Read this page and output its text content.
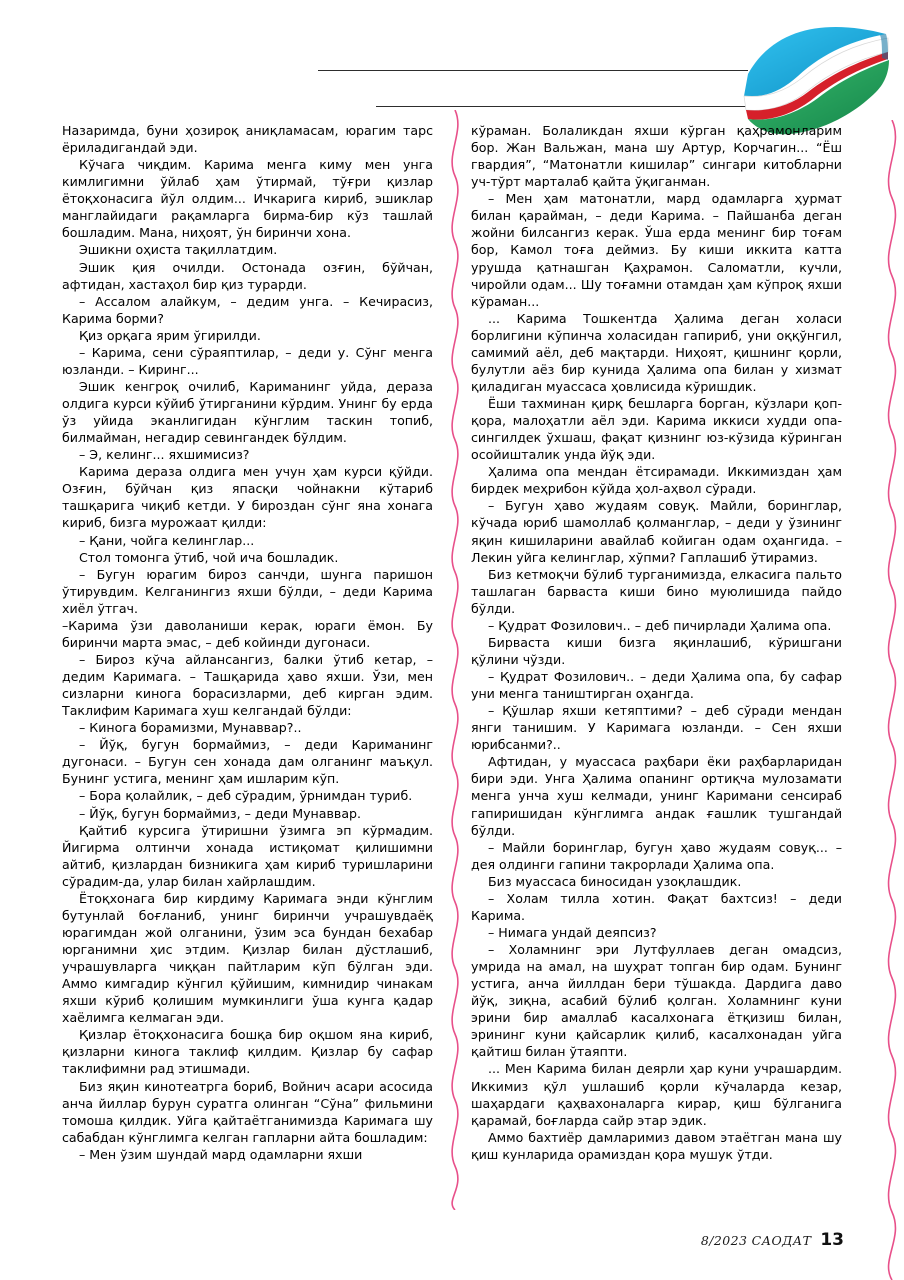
Назаримда, буни ҳозироқ аниқламасам, юрагим тарс ёриладигандай эди.

Кўчага чиқдим. Карима менга киму мен унга кимлигимни ўйлаб ҳам ўтирмай, тўғри қизлар ётоқхонасига йўл олдим... Ичкарига кириб, эшиклар манглайидаги рақамларга бирма-бир кўз ташлай бошладим. Мана, ниҳоят, ўн биринчи хона.

Эшикни оҳиста тақиллатдим.

Эшик қия очилди. Остонада озғин, бўйчан, афтидан, хастаҳол бир қиз турарди.

– Ассалом алайкум, – дедим унга. – Кечирасиз, Карима борми?

Қиз орқага ярим ўгирилди.

– Карима, сени сўраяптилар, – деди у. Сўнг менга юзланди. – Киринг...

Эшик кенгроқ очилиб, Кариманинг уйда, дераза олдига курси кўйиб ўтирганини кўрдим. Унинг бу ерда ўз уйида эканлигидан кўнглим таскин топиб, билмайман, негадир севингандек бўлдим.

– Э, келинг... яхшимисиз?

Карима дераза олдига мен учун ҳам курси қўйди. Озғин, бўйчан қиз япасқи чойнакни кўтариб ташқарига чиқиб кетди. У бироздан сўнг яна хонага кириб, бизга мурожаат қилди:

– Қани, чойга келинглар...

Стол томонга ўтиб, чой ича бошладик.

– Бугун юрагим бироз санчди, шунга паришон ўтирувдим. Келганингиз яхши бўлди, – деди Карима хиёл ўтгач.

–Карима ўзи даволаниши керак, юраги ёмон. Бу биринчи марта эмас, – деб койинди дугонаси.

– Бироз кўча айлансангиз, балки ўтиб кетар, – дедим Каримага. – Ташқарида ҳаво яхши. Ўзи, мен сизларни кинога борасизларми, деб кирган эдим. Таклифим Каримага хуш келгандай бўлди:

– Кинога борамизми, Мунаввар?..

– Йўқ, бугун бормаймиз, – деди Кариманинг дугонаси. – Бугун сен хонада дам олганинг маъқул. Бунинг устига, менинг ҳам ишларим кўп.

– Бора қолайлик, – деб сўрадим, ўрнимдан туриб.

– Йўқ, бугун бормаймиз, – деди Мунаввар.

Қайтиб курсига ўтиришни ўзимга эп кўрмадим. Йигирма олтинчи хонада истиқомат қилишимни айтиб, қизлардан бизникига ҳам кириб туришларини сўрадим-да, улар билан хайрлашдим.

Ётоқхонага бир кирдиму Каримага энди кўнглим бутунлай боғланиб, унинг биринчи учрашувдаёқ юрагимдан жой олганини, ўзим эса бундан бехабар юрганимни ҳис этдим. Қизлар билан дўстлашиб, учрашувларга чиққан пайтларим кўп бўлган эди. Аммо кимгадир кўнгил қўйишим, кимнидир чинакам яхши кўриб қолишим мумкинлиги ўша кунга қадар хаёлимга келмаган эди.

Қизлар ётоқхонасига бошқа бир оқшом яна кириб, қизларни кинога таклиф қилдим. Қизлар бу сафар таклифимни рад этишмади.

Биз яқин кинотеатрга бориб, Войнич асари асосида анча йиллар бурун суратга олинган “Сўна” фильмини томоша қилдик. Уйга қайтаётганимизда Каримага шу сабабдан кўнглимга келган гапларни айта бошладим:

– Мен ўзим шундай мард одамларни яхши

кўраман. Болаликдан яхши кўрган қаҳрамонларим бор. Жан Вальжан, мана шу Артур, Корчагин... “Ёш гвардия”, “Матонатли кишилар” сингари китобларни уч-тўрт марталаб қайта ўқиганман.

– Мен ҳам матонатли, мард одамларга ҳурмат билан қарайман, – деди Карима. – Пайшанба деган жойни билсангиз керак. Ўша ерда менинг бир тоғам бор, Камол тоға деймиз. Бу киши иккита катта урушда қатнашган Қаҳрамон. Саломатли, кучли, чиройли одам... Шу тоғамни отамдан ҳам кўпроқ яхши кўраман...

... Карима Тошкентда Ҳалима деган холаси борлигини кўпинча холасидан гапириб, уни оққўнгил, самимий аёл, деб мақтарди. Ниҳоят, қишнинг қорли, булутли аёз бир кунида Ҳалима опа билан у хизмат қиладиган муассаса ҳовлисида кўришдик.

Ёши тахминан қирқ бешларга борган, кўзлари қоп-қора, малоҳатли аёл эди. Карима иккиси худди опа-сингилдек ўхшаш, фақат қизнинг юз-кўзида кўринган осойишталик унда йўқ эди.

Ҳалима опа мендан ётсирамади. Иккимиздан ҳам бирдек меҳрибон кўйда ҳол-аҳвол сўради.

– Бугун ҳаво жудаям совуқ. Майли, боринглар, кўчада юриб шамоллаб қолманглар, – деди у ўзининг яқин кишиларини авайлаб койиган одам оҳангида. – Лекин уйга келинглар, хўпми? Гаплашиб ўтирамиз.

Биз кетмоқчи бўлиб турганимизда, елкасига пальто ташлаган барваста киши бино муюлишида пайдо бўлди.

– Қудрат Фозилович.. – деб пичирлади Ҳалима опа.

Бирваста киши бизга яқинлашиб, кўришгани қўлини чўзди.

– Қудрат Фозилович.. – деди Ҳалима опа, бу сафар уни менга таништирган оҳангда.

– Қўшлар яхши кетяптими? – деб сўради мендан янги танишим. У Каримага юзланди. – Сен яхши юрибсанми?..

Афтидан, у муассаса раҳбари ёки раҳбарларидан бири эди. Унга Ҳалима опанинг ортиқча мулозамати менга унча хуш келмади, унинг Каримани сенсираб гапиришидан кўнглимга андак ғашлик тушгандай бўлди.

– Майли боринглар, бугун ҳаво жудаям совуқ... – дея олдинги гапини такрорлади Ҳалима опа.

Биз муассаса биносидан узоқлашдик.

– Холам тилла хотин. Фақат бахтсиз! – деди Карима.

– Нимага ундай деяпсиз?

– Холамнинг эри Лутфуллаев деган омадсиз, умрида на амал, на шуҳрат топган бир одам. Бунинг устига, анча йиллдан бери тўшакда. Дардига даво йўқ, зиқна, асабий бўлиб қолган. Холамнинг куни эрини бир амаллаб касалхонага ётқизиш билан, эрининг куни қайсарлик қилиб, касалхонадан уйга қайтиш билан ўтаяпти.

... Мен Карима билан деярли ҳар куни учрашардим. Иккимиз қўл ушлашиб қорли кўчаларда кезар, шаҳардаги қаҳвахоналарга кирар, қиш бўлганига қарамай, боғларда сайр этар эдик.

Аммо бахтиёр дамларимиз давом этаётган мана шу қиш кунларида орамиздан қора мушук ўтди.

8/2023 САОДАТ 13
